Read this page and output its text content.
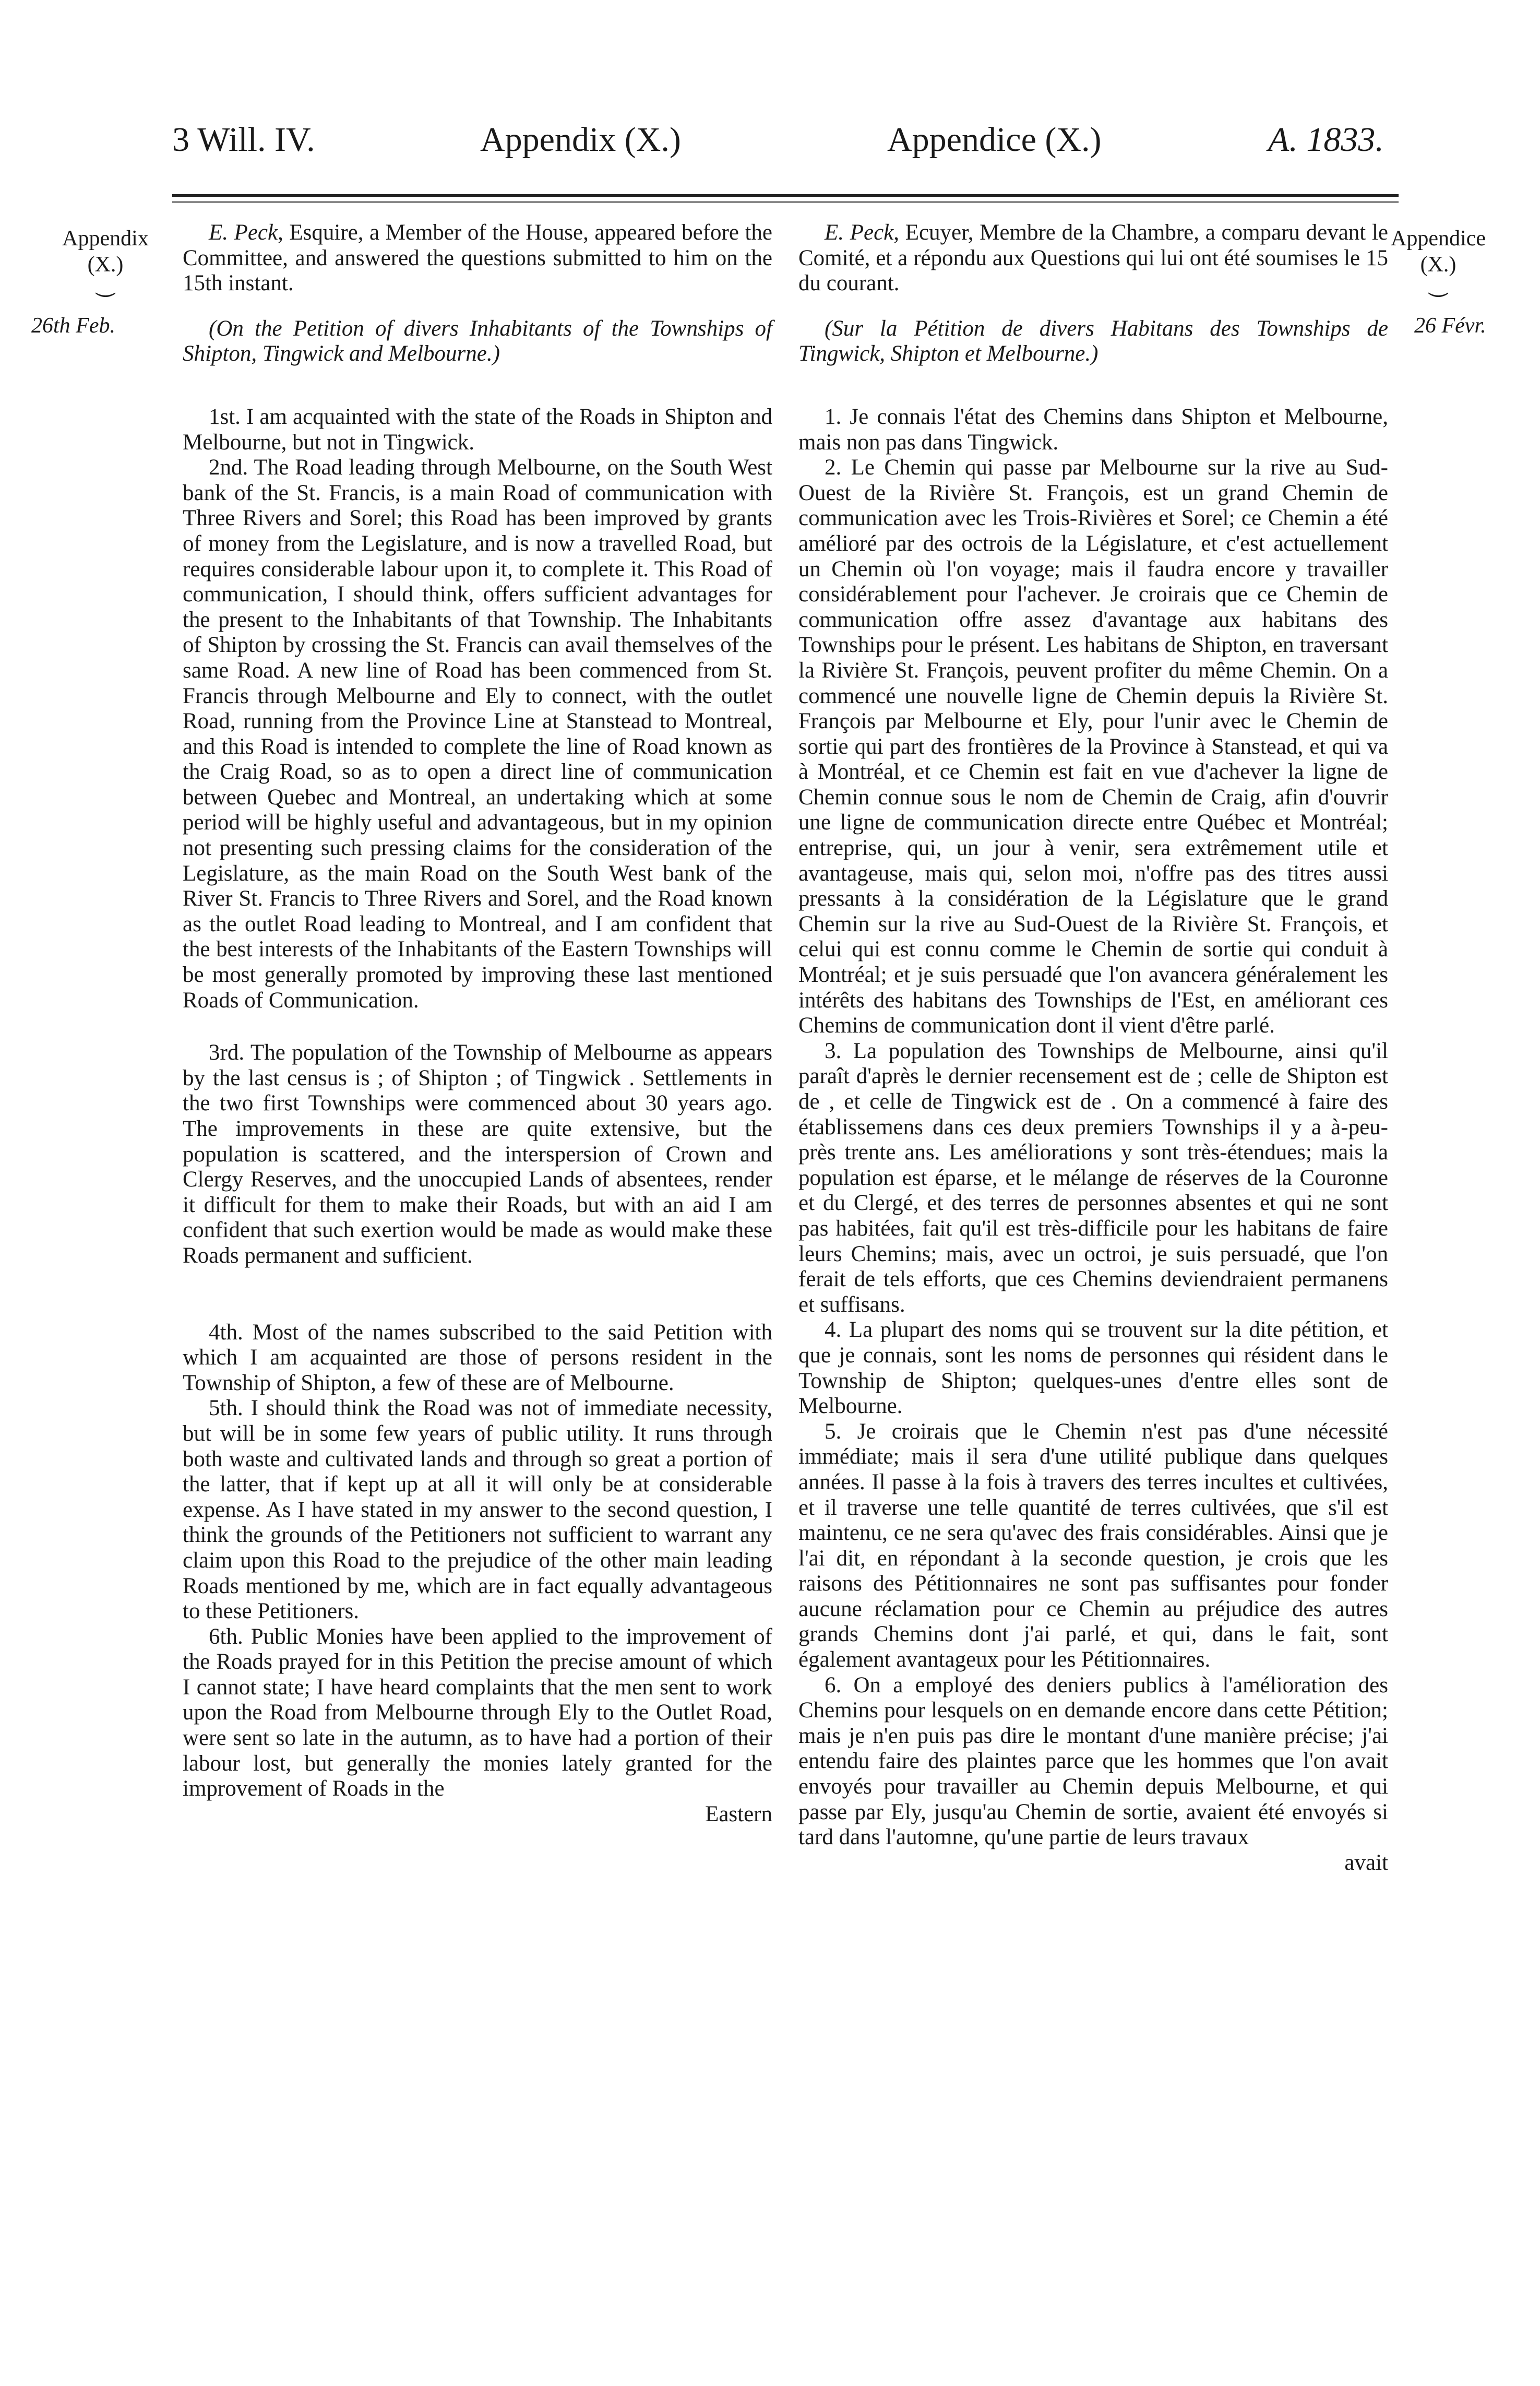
3 Will. IV.	Appendix (X.)	Appendice (X.)	A. 1833.
Appendix
(X.)
⏝
26th Feb.
Appendice
(X.)
⏝
26 Févr.

E. Peck, Esquire, a Member of the House, appeared before the Committee, and answered the questions submitted to him on the 15th instant.

(On the Petition of divers Inhabitants of the Townships of Shipton, Tingwick and Melbourne.)

1st. I am acquainted with the state of the Roads in Shipton and Melbourne, but not in Tingwick.

2nd. The Road leading through Melbourne, on the South West bank of the St. Francis, is a main Road of communication with Three Rivers and Sorel; this Road has been improved by grants of money from the Legislature, and is now a travelled Road, but requires considerable labour upon it, to complete it. This Road of communication, I should think, offers sufficient advantages for the present to the Inhabitants of that Township. The Inhabitants of Shipton by crossing the St. Francis can avail themselves of the same Road. A new line of Road has been commenced from St. Francis through Melbourne and Ely to connect, with the outlet Road, running from the Province Line at Stanstead to Montreal, and this Road is intended to complete the line of Road known as the Craig Road, so as to open a direct line of communication between Quebec and Montreal, an undertaking which at some period will be highly useful and advantageous, but in my opinion not presenting such pressing claims for the consideration of the Legislature, as the main Road on the South West bank of the River St. Francis to Three Rivers and Sorel, and the Road known as the outlet Road leading to Montreal, and I am confident that the best interests of the Inhabitants of the Eastern Townships will be most generally promoted by improving these last mentioned Roads of Communication.

3rd. The population of the Township of Melbourne as appears by the last census is ; of Shipton ; of Tingwick . Settlements in the two first Townships were commenced about 30 years ago. The improvements in these are quite extensive, but the population is scattered, and the interspersion of Crown and Clergy Reserves, and the unoccupied Lands of absentees, render it difficult for them to make their Roads, but with an aid I am confident that such exertion would be made as would make these Roads permanent and sufficient.

4th. Most of the names subscribed to the said Petition with which I am acquainted are those of persons resident in the Township of Shipton, a few of these are of Melbourne.

5th. I should think the Road was not of immediate necessity, but will be in some few years of public utility. It runs through both waste and cultivated lands and through so great a portion of the latter, that if kept up at all it will only be at considerable expense. As I have stated in my answer to the second question, I think the grounds of the Petitioners not sufficient to warrant any claim upon this Road to the prejudice of the other main leading Roads mentioned by me, which are in fact equally advantageous to these Petitioners.

6th. Public Monies have been applied to the improvement of the Roads prayed for in this Petition the precise amount of which I cannot state; I have heard complaints that the men sent to work upon the Road from Melbourne through Ely to the Outlet Road, were sent so late in the autumn, as to have had a portion of their labour lost, but generally the monies lately granted for the improvement of Roads in the

Eastern

E. Peck, Ecuyer, Membre de la Chambre, a comparu devant le Comité, et a répondu aux Questions qui lui ont été soumises le 15 du courant.

(Sur la Pétition de divers Habitans des Townships de Tingwick, Shipton et Melbourne.)

1. Je connais l'état des Chemins dans Shipton et Melbourne, mais non pas dans Tingwick.

2. Le Chemin qui passe par Melbourne sur la rive au Sud-Ouest de la Rivière St. François, est un grand Chemin de communication avec les Trois-Rivières et Sorel; ce Chemin a été amélioré par des octrois de la Législature, et c'est actuellement un Chemin où l'on voyage; mais il faudra encore y travailler considérablement pour l'achever. Je croirais que ce Chemin de communication offre assez d'avantage aux habitans des Townships pour le présent. Les habitans de Shipton, en traversant la Rivière St. François, peuvent profiter du même Chemin. On a commencé une nouvelle ligne de Chemin depuis la Rivière St. François par Melbourne et Ely, pour l'unir avec le Chemin de sortie qui part des frontières de la Province à Stanstead, et qui va à Montréal, et ce Chemin est fait en vue d'achever la ligne de Chemin connue sous le nom de Chemin de Craig, afin d'ouvrir une ligne de communication directe entre Québec et Montréal; entreprise, qui, un jour à venir, sera extrêmement utile et avantageuse, mais qui, selon moi, n'offre pas des titres aussi pressants à la considération de la Législature que le grand Chemin sur la rive au Sud-Ouest de la Rivière St. François, et celui qui est connu comme le Chemin de sortie qui conduit à Montréal; et je suis persuadé que l'on avancera généralement les intérêts des habitans des Townships de l'Est, en améliorant ces Chemins de communication dont il vient d'être parlé.

3. La population des Townships de Melbourne, ainsi qu'il paraît d'après le dernier recensement est de ; celle de Shipton est de , et celle de Tingwick est de . On a commencé à faire des établissemens dans ces deux premiers Townships il y a à-peu-près trente ans. Les améliorations y sont très-étendues; mais la population est éparse, et le mélange de réserves de la Couronne et du Clergé, et des terres de personnes absentes et qui ne sont pas habitées, fait qu'il est très-difficile pour les habitans de faire leurs Chemins; mais, avec un octroi, je suis persuadé, que l'on ferait de tels efforts, que ces Chemins deviendraient permanens et suffisans.

4. La plupart des noms qui se trouvent sur la dite pétition, et que je connais, sont les noms de personnes qui résident dans le Township de Shipton; quelques-unes d'entre elles sont de Melbourne.

5. Je croirais que le Chemin n'est pas d'une nécessité immédiate; mais il sera d'une utilité publique dans quelques années. Il passe à la fois à travers des terres incultes et cultivées, et il traverse une telle quantité de terres cultivées, que s'il est maintenu, ce ne sera qu'avec des frais considérables. Ainsi que je l'ai dit, en répondant à la seconde question, je crois que les raisons des Pétitionnaires ne sont pas suffisantes pour fonder aucune réclamation pour ce Chemin au préjudice des autres grands Chemins dont j'ai parlé, et qui, dans le fait, sont également avantageux pour les Pétitionnaires.

6. On a employé des deniers publics à l'amélioration des Chemins pour lesquels on en demande encore dans cette Pétition; mais je n'en puis pas dire le montant d'une manière précise; j'ai entendu faire des plaintes parce que les hommes que l'on avait envoyés pour travailler au Chemin depuis Melbourne, et qui passe par Ely, jusqu'au Chemin de sortie, avaient été envoyés si tard dans l'automne, qu'une partie de leurs travaux

avait
